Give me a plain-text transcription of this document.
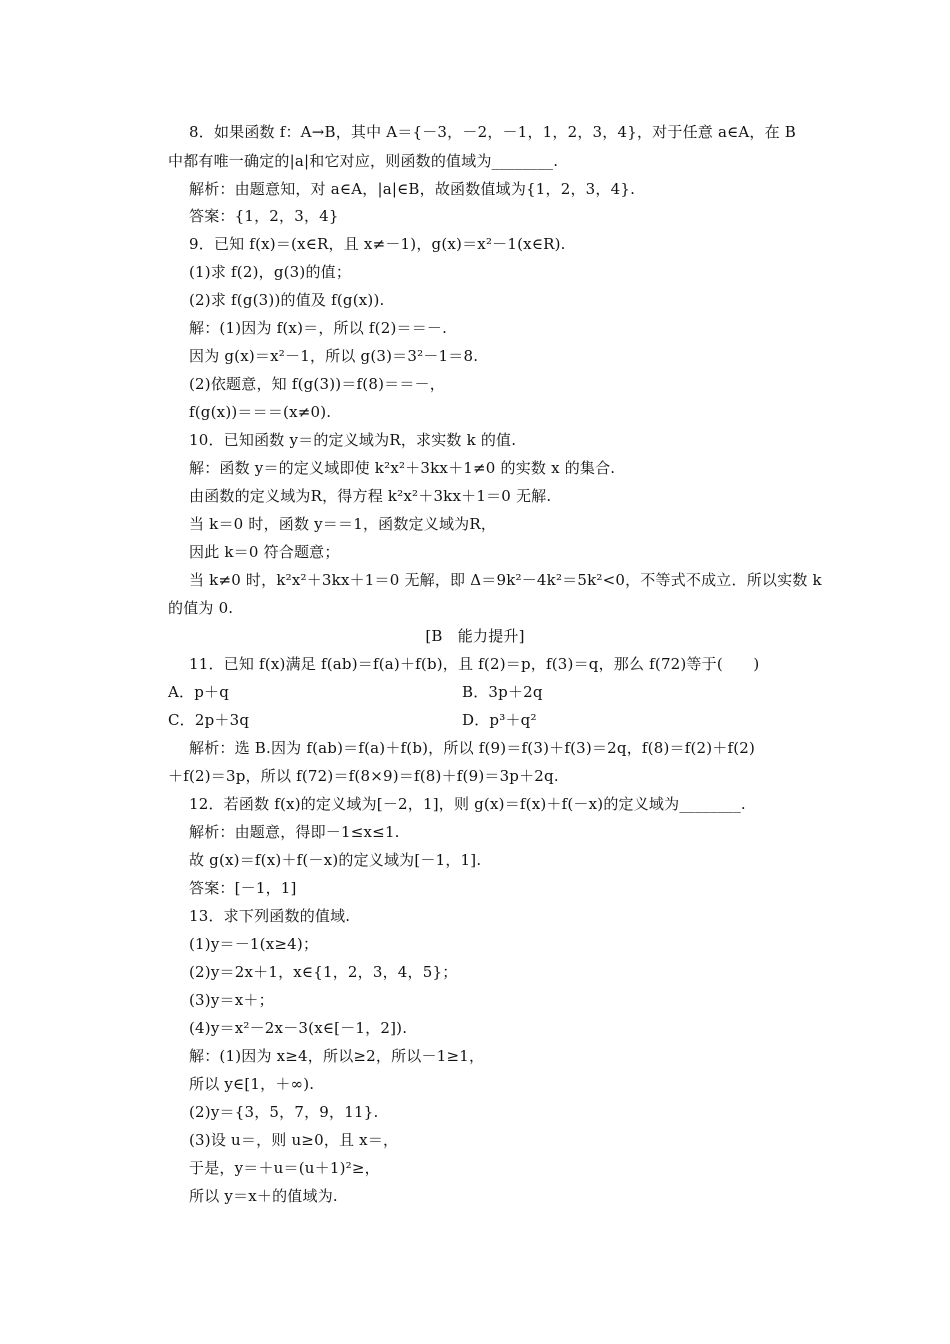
8．如果函数 f：A→B，其中 A＝{－3，－2，－1，1，2，3，4}，对于任意 a∈A，在 B
中都有唯一确定的|a|和它对应，则函数的值域为________.
解析：由题意知，对 a∈A，|a|∈B，故函数值域为{1，2，3，4}.
答案：{1，2，3，4}
9．已知 f(x)＝(x∈R，且 x≠－1)，g(x)＝x²－1(x∈R).
(1)求 f(2)，g(3)的值；
(2)求 f(g(3))的值及 f(g(x)).
解：(1)因为 f(x)＝，所以 f(2)＝＝－.
因为 g(x)＝x²－1，所以 g(3)＝3²－1＝8.
(2)依题意，知 f(g(3))＝f(8)＝＝－，
f(g(x))＝＝＝(x≠0).
10．已知函数 y＝的定义域为R，求实数 k 的值.
解：函数 y＝的定义域即使 k²x²＋3kx＋1≠0 的实数 x 的集合.
由函数的定义域为R，得方程 k²x²＋3kx＋1＝0 无解.
当 k＝0 时，函数 y＝＝1，函数定义域为R，
因此 k＝0 符合题意；
当 k≠0 时，k²x²＋3kx＋1＝0 无解，即 Δ＝9k²－4k²＝5k²<0，不等式不成立．所以实数 k
的值为 0.
[B　能力提升]
11．已知 f(x)满足 f(ab)＝f(a)＋f(b)，且 f(2)＝p，f(3)＝q，那么 f(72)等于(　　)
A．p＋q	B．3p＋2q
C．2p＋3q	D．p³＋q²
解析：选 B.因为 f(ab)＝f(a)＋f(b)，所以 f(9)＝f(3)＋f(3)＝2q，f(8)＝f(2)＋f(2)
＋f(2)＝3p，所以 f(72)＝f(8×9)＝f(8)＋f(9)＝3p＋2q.
12．若函数 f(x)的定义域为[－2，1]，则 g(x)＝f(x)＋f(－x)的定义域为________.
解析：由题意，得即－1≤x≤1.
故 g(x)＝f(x)＋f(－x)的定义域为[－1，1].
答案：[－1，1]
13．求下列函数的值域.
(1)y＝－1(x≥4)；
(2)y＝2x＋1，x∈{1，2，3，4，5}；
(3)y＝x＋；
(4)y＝x²－2x－3(x∈[－1，2]).
解：(1)因为 x≥4，所以≥2，所以－1≥1，
所以 y∈[1，＋∞).
(2)y＝{3，5，7，9，11}.
(3)设 u＝，则 u≥0，且 x＝，
于是，y＝＋u＝(u＋1)²≥，
所以 y＝x＋的值域为.
